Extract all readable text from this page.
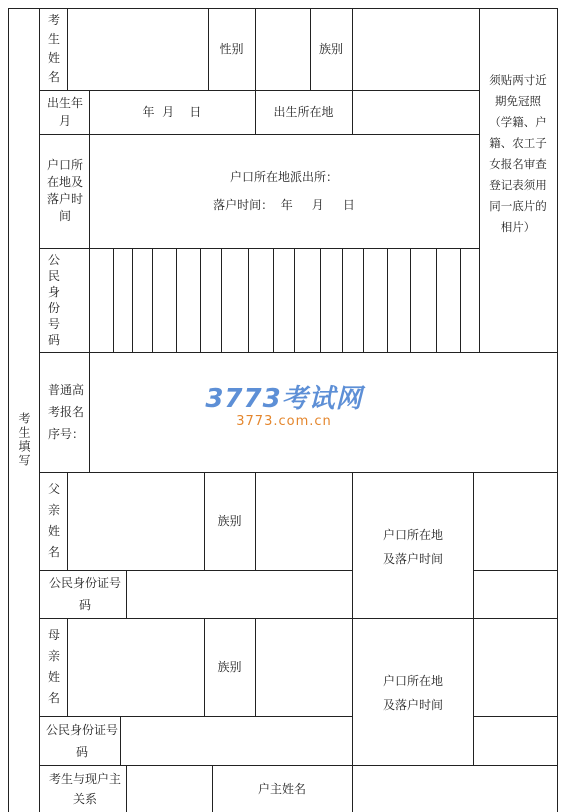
考生填写
考生姓名
性别	族别
须贴两寸近期免冠照（学籍、户籍、农工子女报名审查登记表须用同一底片的相片）
出生年月
年  月    日	出生所在地
户口所在地及落户时间
户口所在地派出所：
落户时间：  年     月     日
公民身份号码
普通高考报名序号：
3773考试网
3773.com.cn
父亲姓名
族别
户口所在地及落户时间
公民身份证号码
母亲姓名
族别
户口所在地及落户时间
公民身份证号码
考生与现户主关系
户主姓名
